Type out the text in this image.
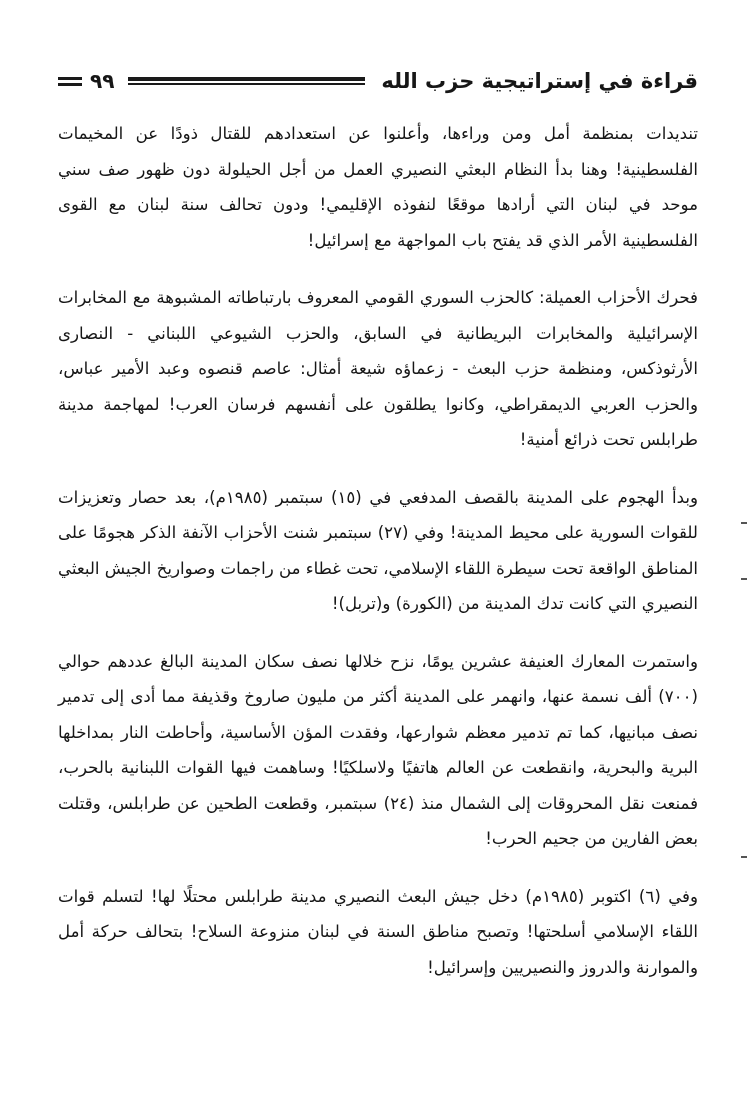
قراءة في إستراتيجية حزب الله
٩٩

تنديدات بمنظمة أمل ومن وراءها، وأعلنوا عن استعدادهم للقتال ذودًا عن المخيمات الفلسطينية! وهنا بدأ النظام البعثي النصيري العمل من أجل الحيلولة دون ظهور صف سني موحد في لبنان التي أرادها موقعًا لنفوذه الإقليمي! ودون تحالف سنة لبنان مع القوى الفلسطينية الأمر الذي قد يفتح باب المواجهة مع إسرائيل!

فحرك الأحزاب العميلة: كالحزب السوري القومي المعروف بارتباطاته المشبوهة مع المخابرات الإسرائيلية والمخابرات البريطانية في السابق، والحزب الشيوعي اللبناني - النصارى الأرثوذكس، ومنظمة حزب البعث - زعماؤه شيعة أمثال: عاصم قنصوه وعبد الأمير عباس، والحزب العربي الديمقراطي، وكانوا يطلقون على أنفسهم فرسان العرب! لمهاجمة مدينة طرابلس تحت ذرائع أمنية!

وبدأ الهجوم على المدينة بالقصف المدفعي في (١٥) سبتمبر (١٩٨٥م)، بعد حصار وتعزيزات للقوات السورية على محيط المدينة! وفي (٢٧) سبتمبر شنت الأحزاب الآنفة الذكر هجومًا على المناطق الواقعة تحت سيطرة اللقاء الإسلامي، تحت غطاء من راجمات وصواريخ الجيش البعثي النصيري التي كانت تدك المدينة من (الكورة) و(تربل)!

واستمرت المعارك العنيفة عشرين يومًا، نزح خلالها نصف سكان المدينة البالغ عددهم حوالي (٧٠٠) ألف نسمة عنها، وانهمر على المدينة أكثر من مليون صاروخ وقذيفة مما أدى إلى تدمير نصف مبانيها، كما تم تدمير معظم شوارعها، وفقدت المؤن الأساسية، وأحاطت النار بمداخلها البرية والبحرية، وانقطعت عن العالم هاتفيًا ولاسلكيًا! وساهمت فيها القوات اللبنانية بالحرب، فمنعت نقل المحروقات إلى الشمال منذ (٢٤) سبتمبر، وقطعت الطحين عن طرابلس، وقتلت بعض الفارين من جحيم الحرب!

وفي (٦) اكتوبر (١٩٨٥م) دخل جيش البعث النصيري مدينة طرابلس محتلًا لها! لتسلم قوات اللقاء الإسلامي أسلحتها! وتصبح مناطق السنة في لبنان منزوعة السلاح! بتحالف حركة أمل والموارنة والدروز والنصيريين وإسرائيل!
